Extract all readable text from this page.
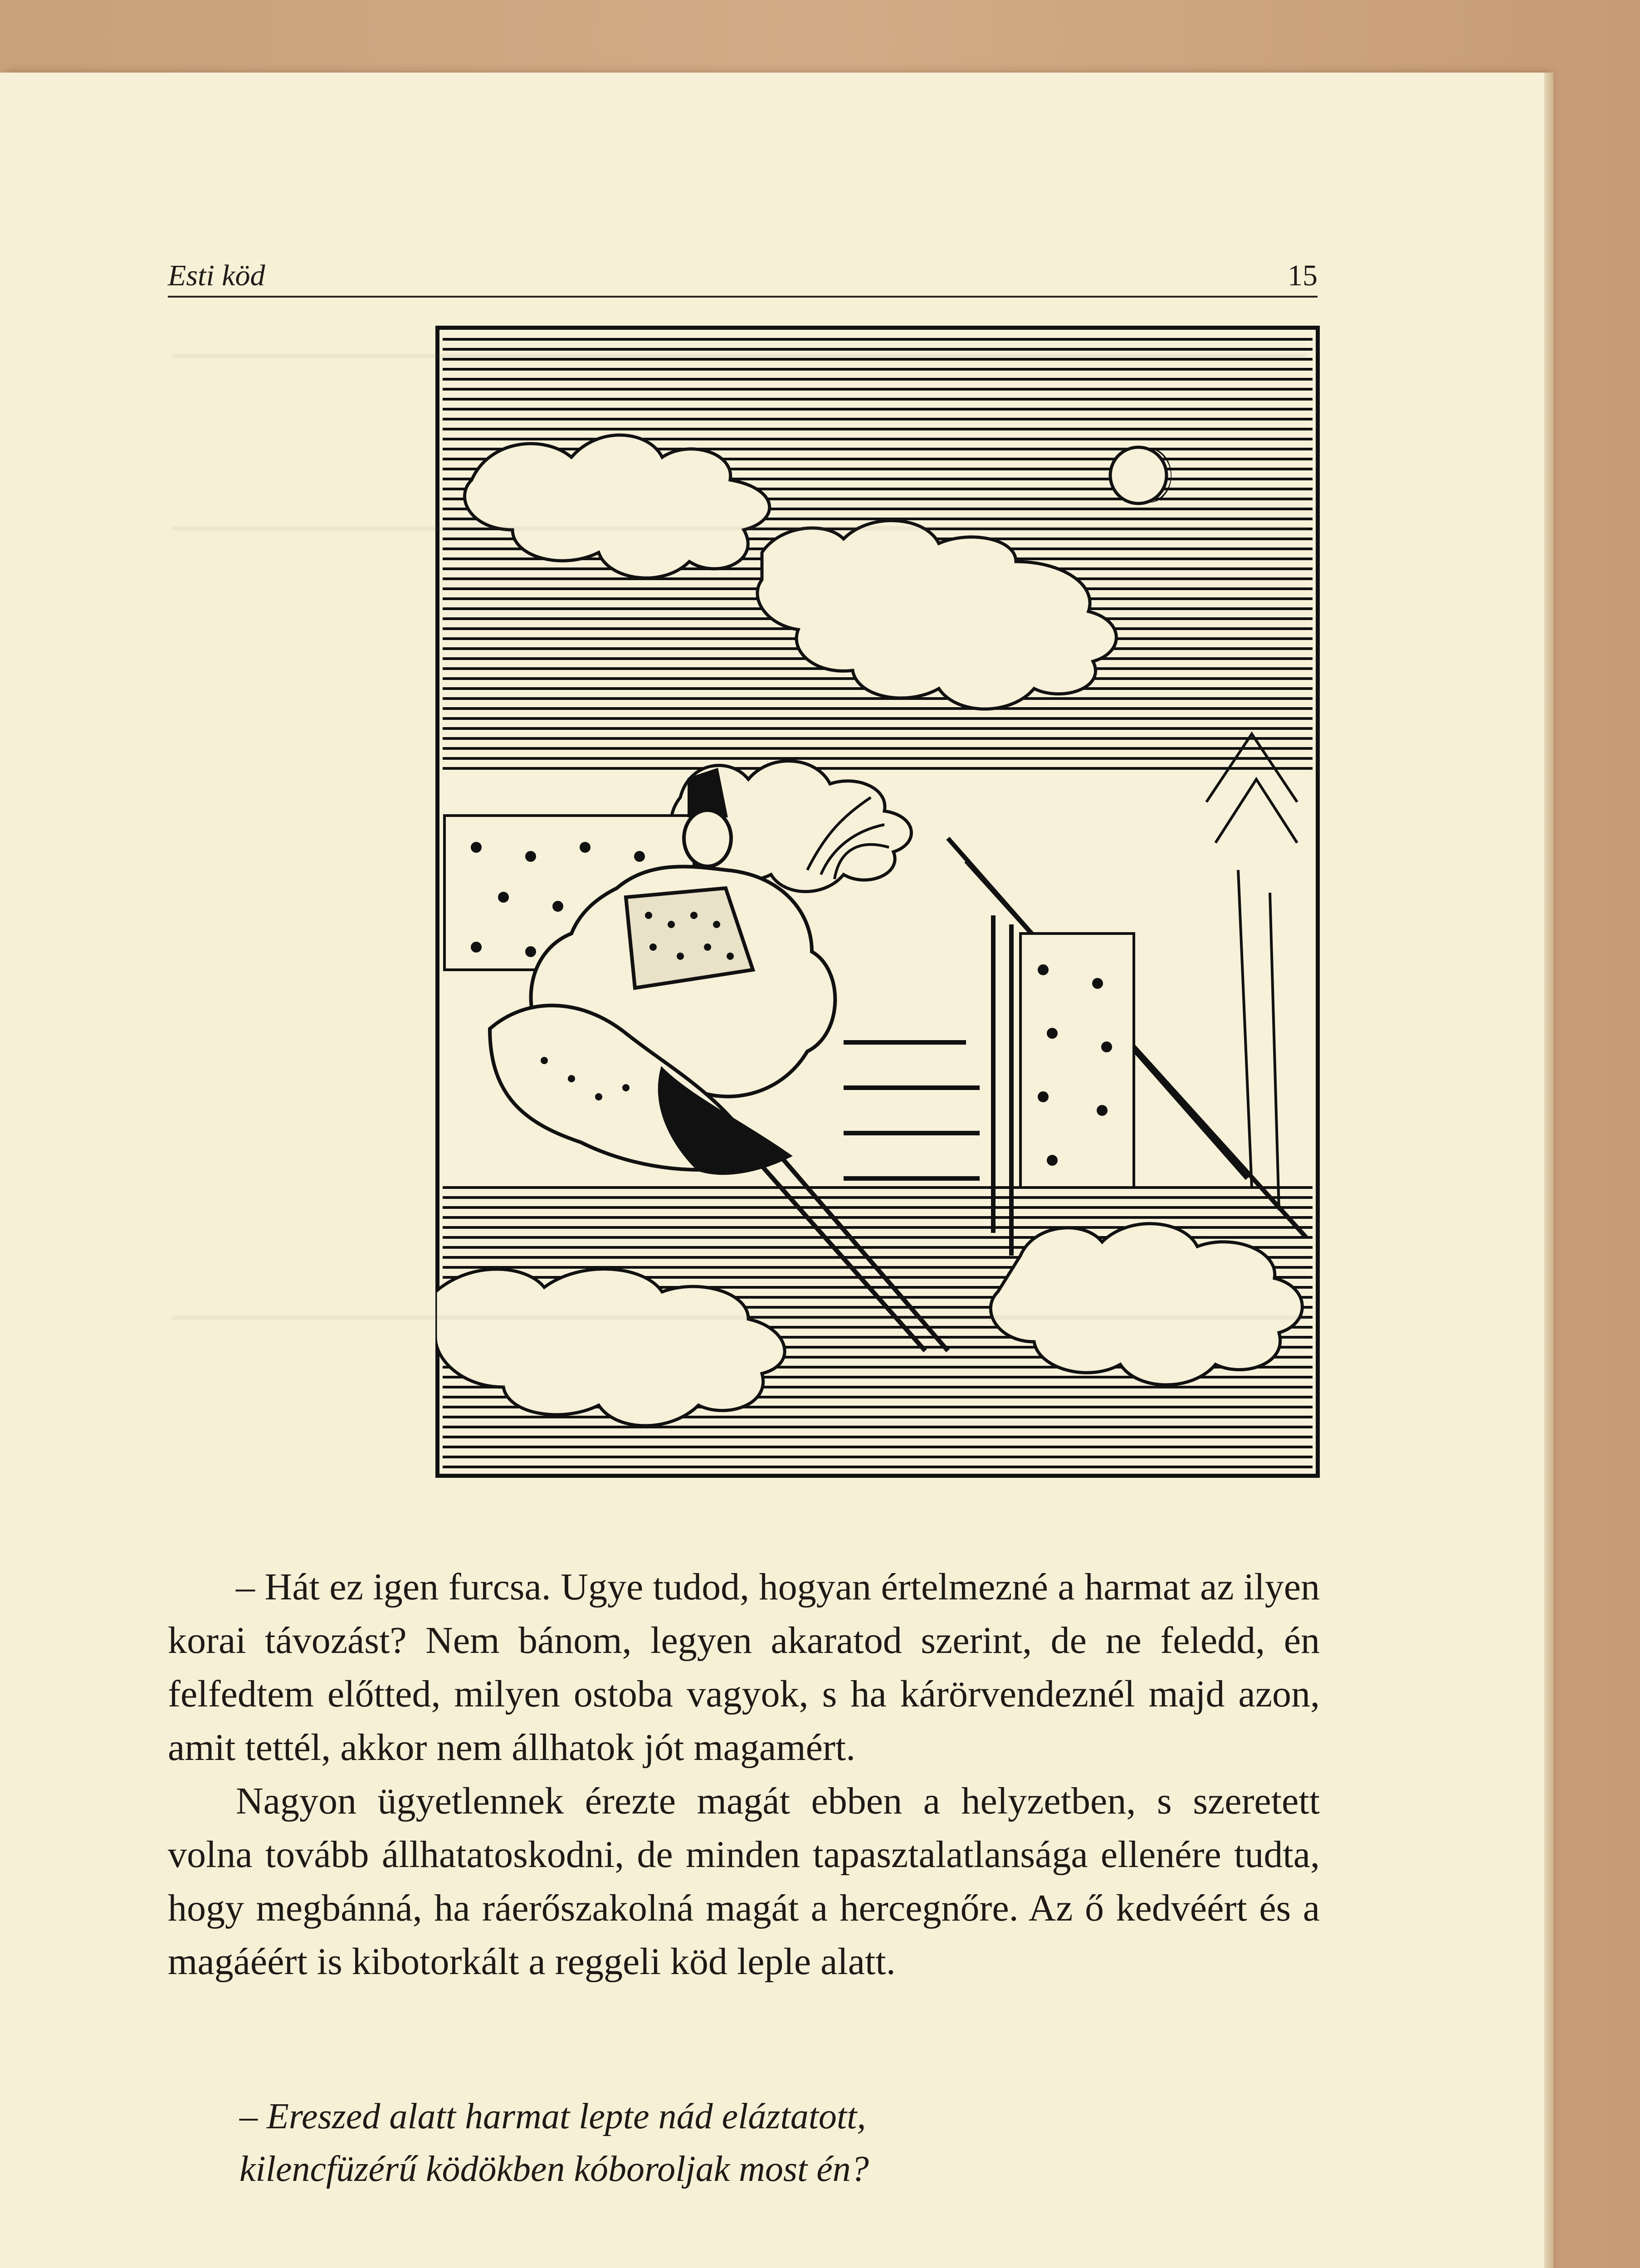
Esti köd	15

– Hát ez igen furcsa. Ugye tudod, hogyan értelmezné a harmat az ilyen korai távozást? Nem bánom, legyen akaratod szerint, de ne feledd, én felfedtem előtted, milyen ostoba vagyok, s ha kárörvendeznél majd azon, amit tettél, akkor nem állhatok jót magamért.

Nagyon ügyetlennek érezte magát ebben a helyzetben, s szeretett volna tovább állhatatoskodni, de minden tapasztalatlansága ellenére tudta, hogy megbánná, ha ráerőszakolná magát a hercegnőre. Az ő kedvéért és a magáéért is kibotorkált a reggeli köd leple alatt.

– Ereszed alatt harmat lepte nád eláztatott,
kilencfüzérű ködökben kóboroljak most én?
